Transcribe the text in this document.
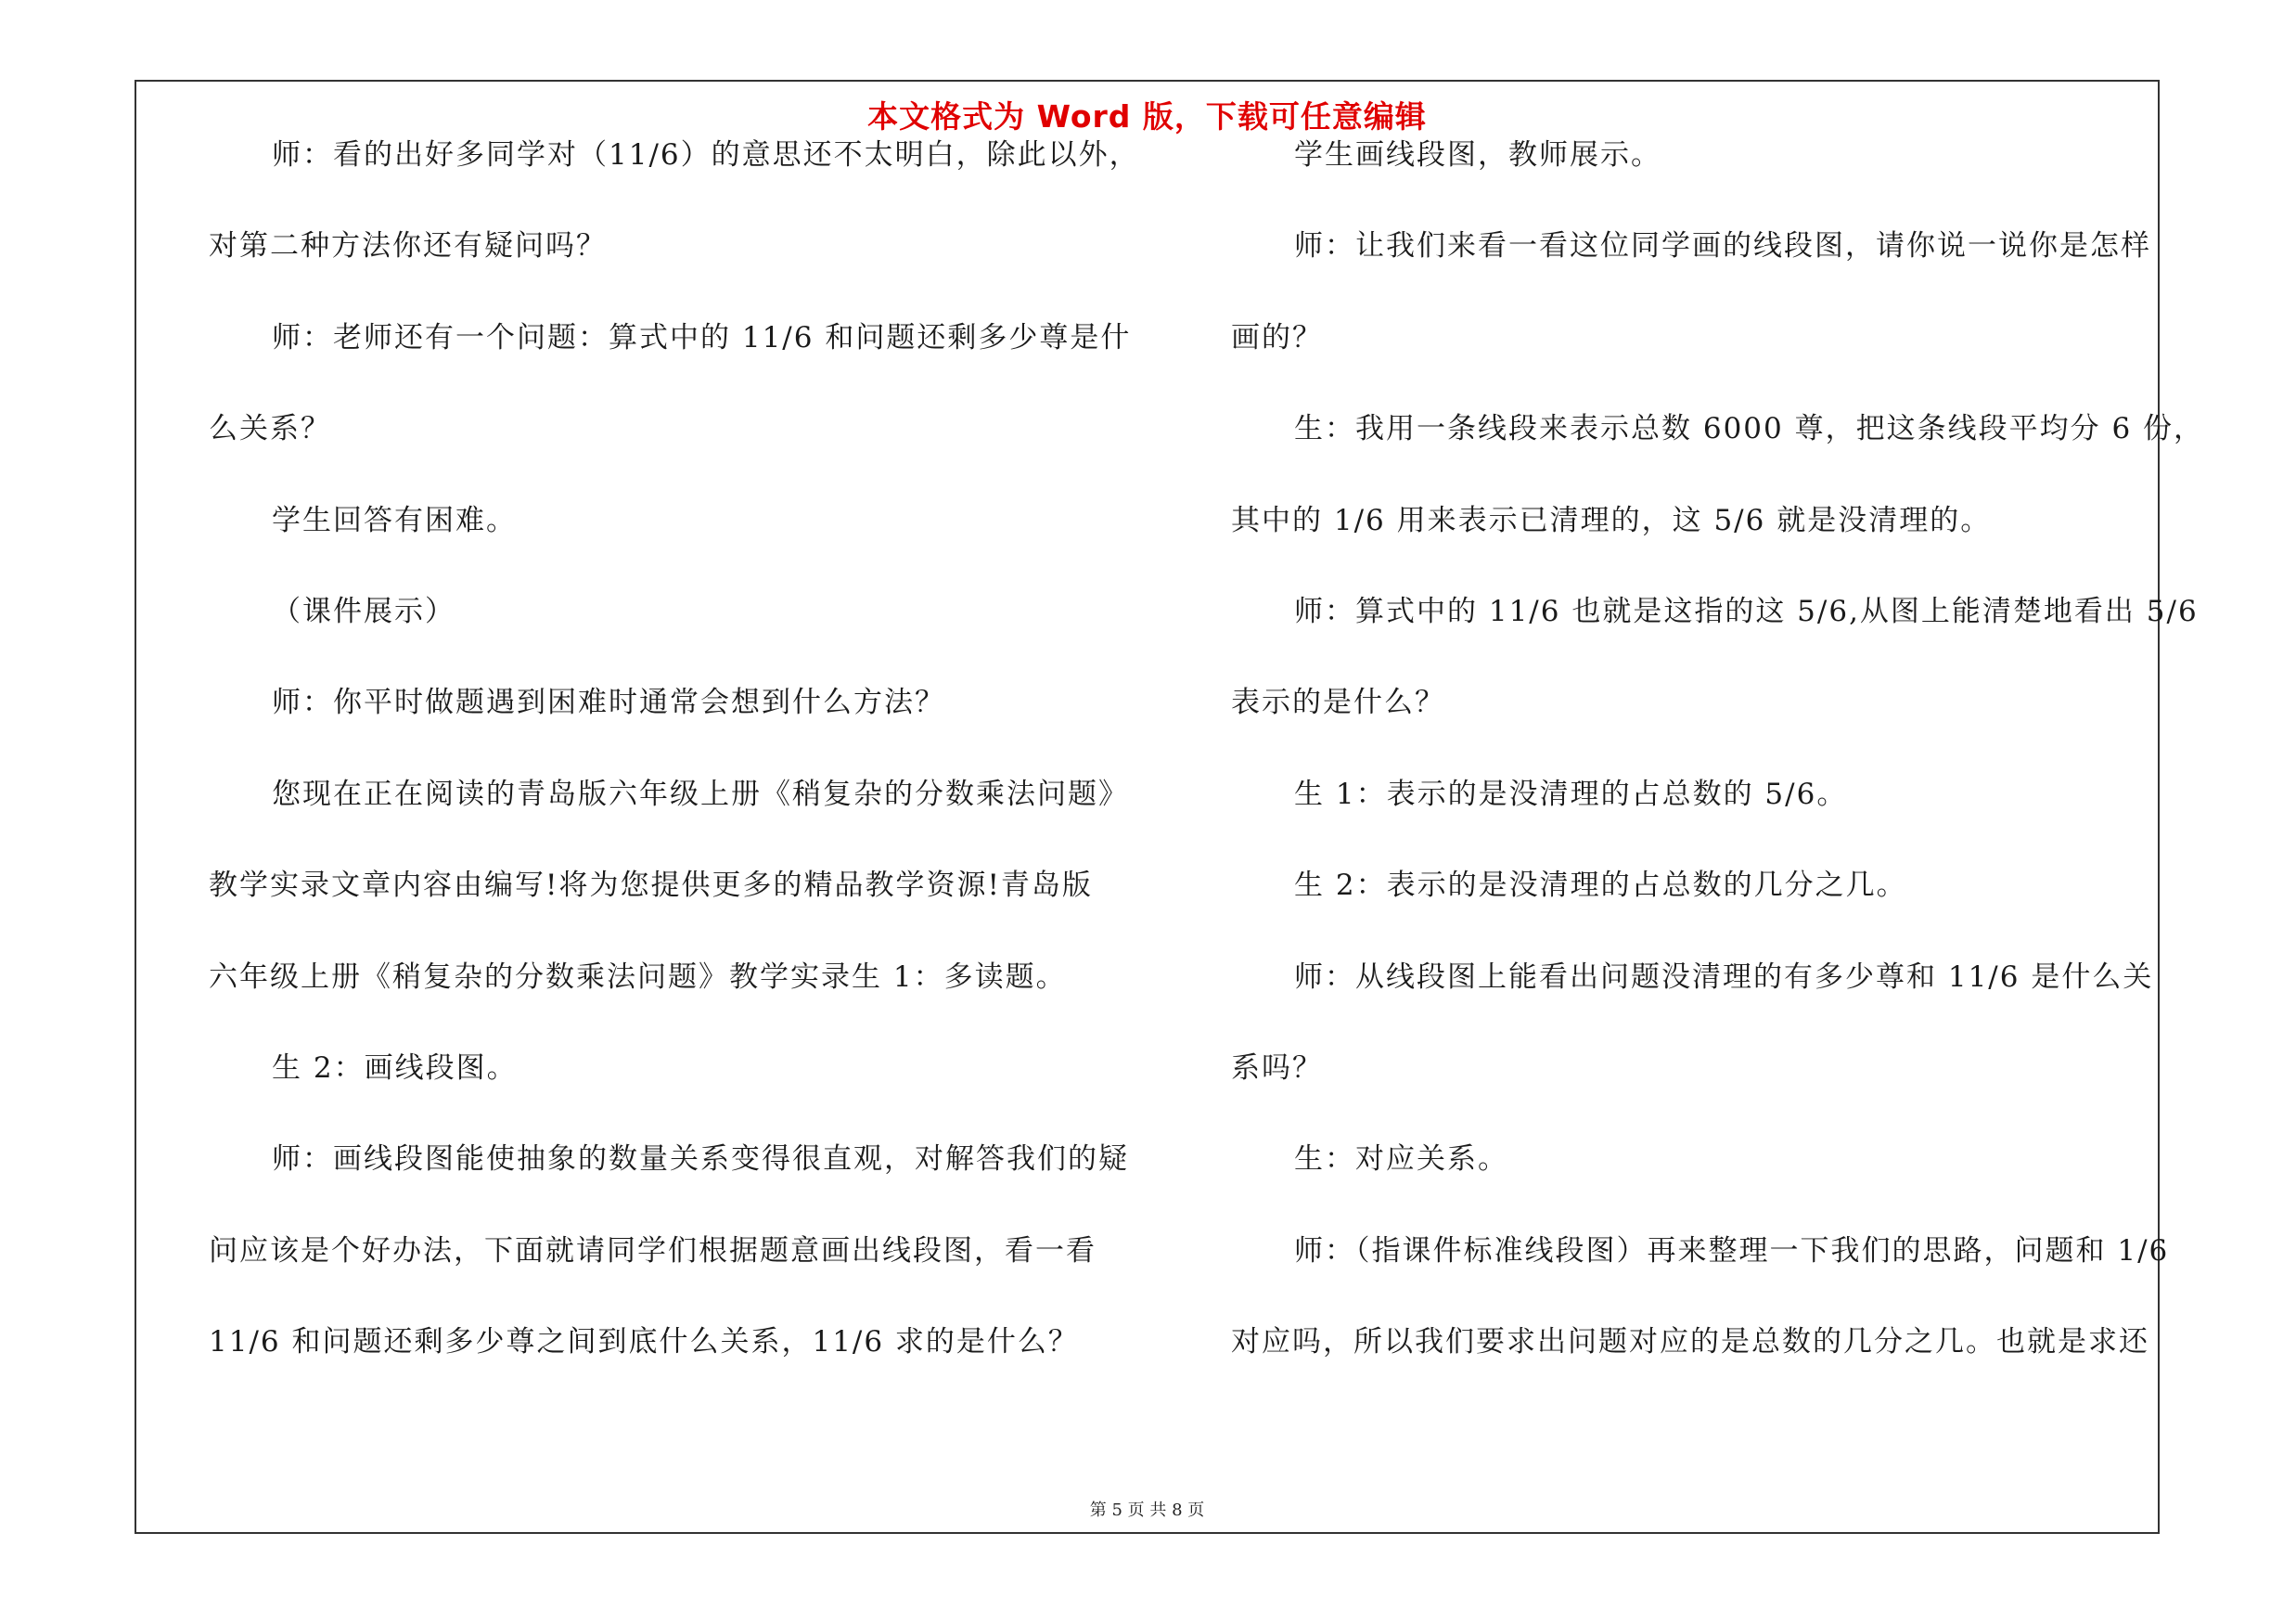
本文格式为 Word 版，下载可任意编辑
师：看的出好多同学对（11/6）的意思还不太明白，除此以外，
对第二种方法你还有疑问吗？
师：老师还有一个问题：算式中的 11/6 和问题还剩多少尊是什
么关系？
学生回答有困难。
（课件展示）
师：你平时做题遇到困难时通常会想到什么方法？
您现在正在阅读的青岛版六年级上册《稍复杂的分数乘法问题》
教学实录文章内容由编写!将为您提供更多的精品教学资源!青岛版
六年级上册《稍复杂的分数乘法问题》教学实录生 1：多读题。
生 2：画线段图。
师：画线段图能使抽象的数量关系变得很直观，对解答我们的疑
问应该是个好办法，下面就请同学们根据题意画出线段图，看一看
11/6 和问题还剩多少尊之间到底什么关系，11/6 求的是什么？
学生画线段图，教师展示。
师：让我们来看一看这位同学画的线段图，请你说一说你是怎样
画的？
生：我用一条线段来表示总数 6000 尊，把这条线段平均分 6 份，
其中的 1/6 用来表示已清理的，这 5/6 就是没清理的。
师：算式中的 11/6 也就是这指的这 5/6,从图上能清楚地看出 5/6
表示的是什么？
生 1：表示的是没清理的占总数的 5/6。
生 2：表示的是没清理的占总数的几分之几。
师：从线段图上能看出问题没清理的有多少尊和 11/6 是什么关
系吗？
生：对应关系。
师：（指课件标准线段图）再来整理一下我们的思路，问题和 1/6
对应吗，所以我们要求出问题对应的是总数的几分之几。也就是求还
第 5 页 共 8 页
